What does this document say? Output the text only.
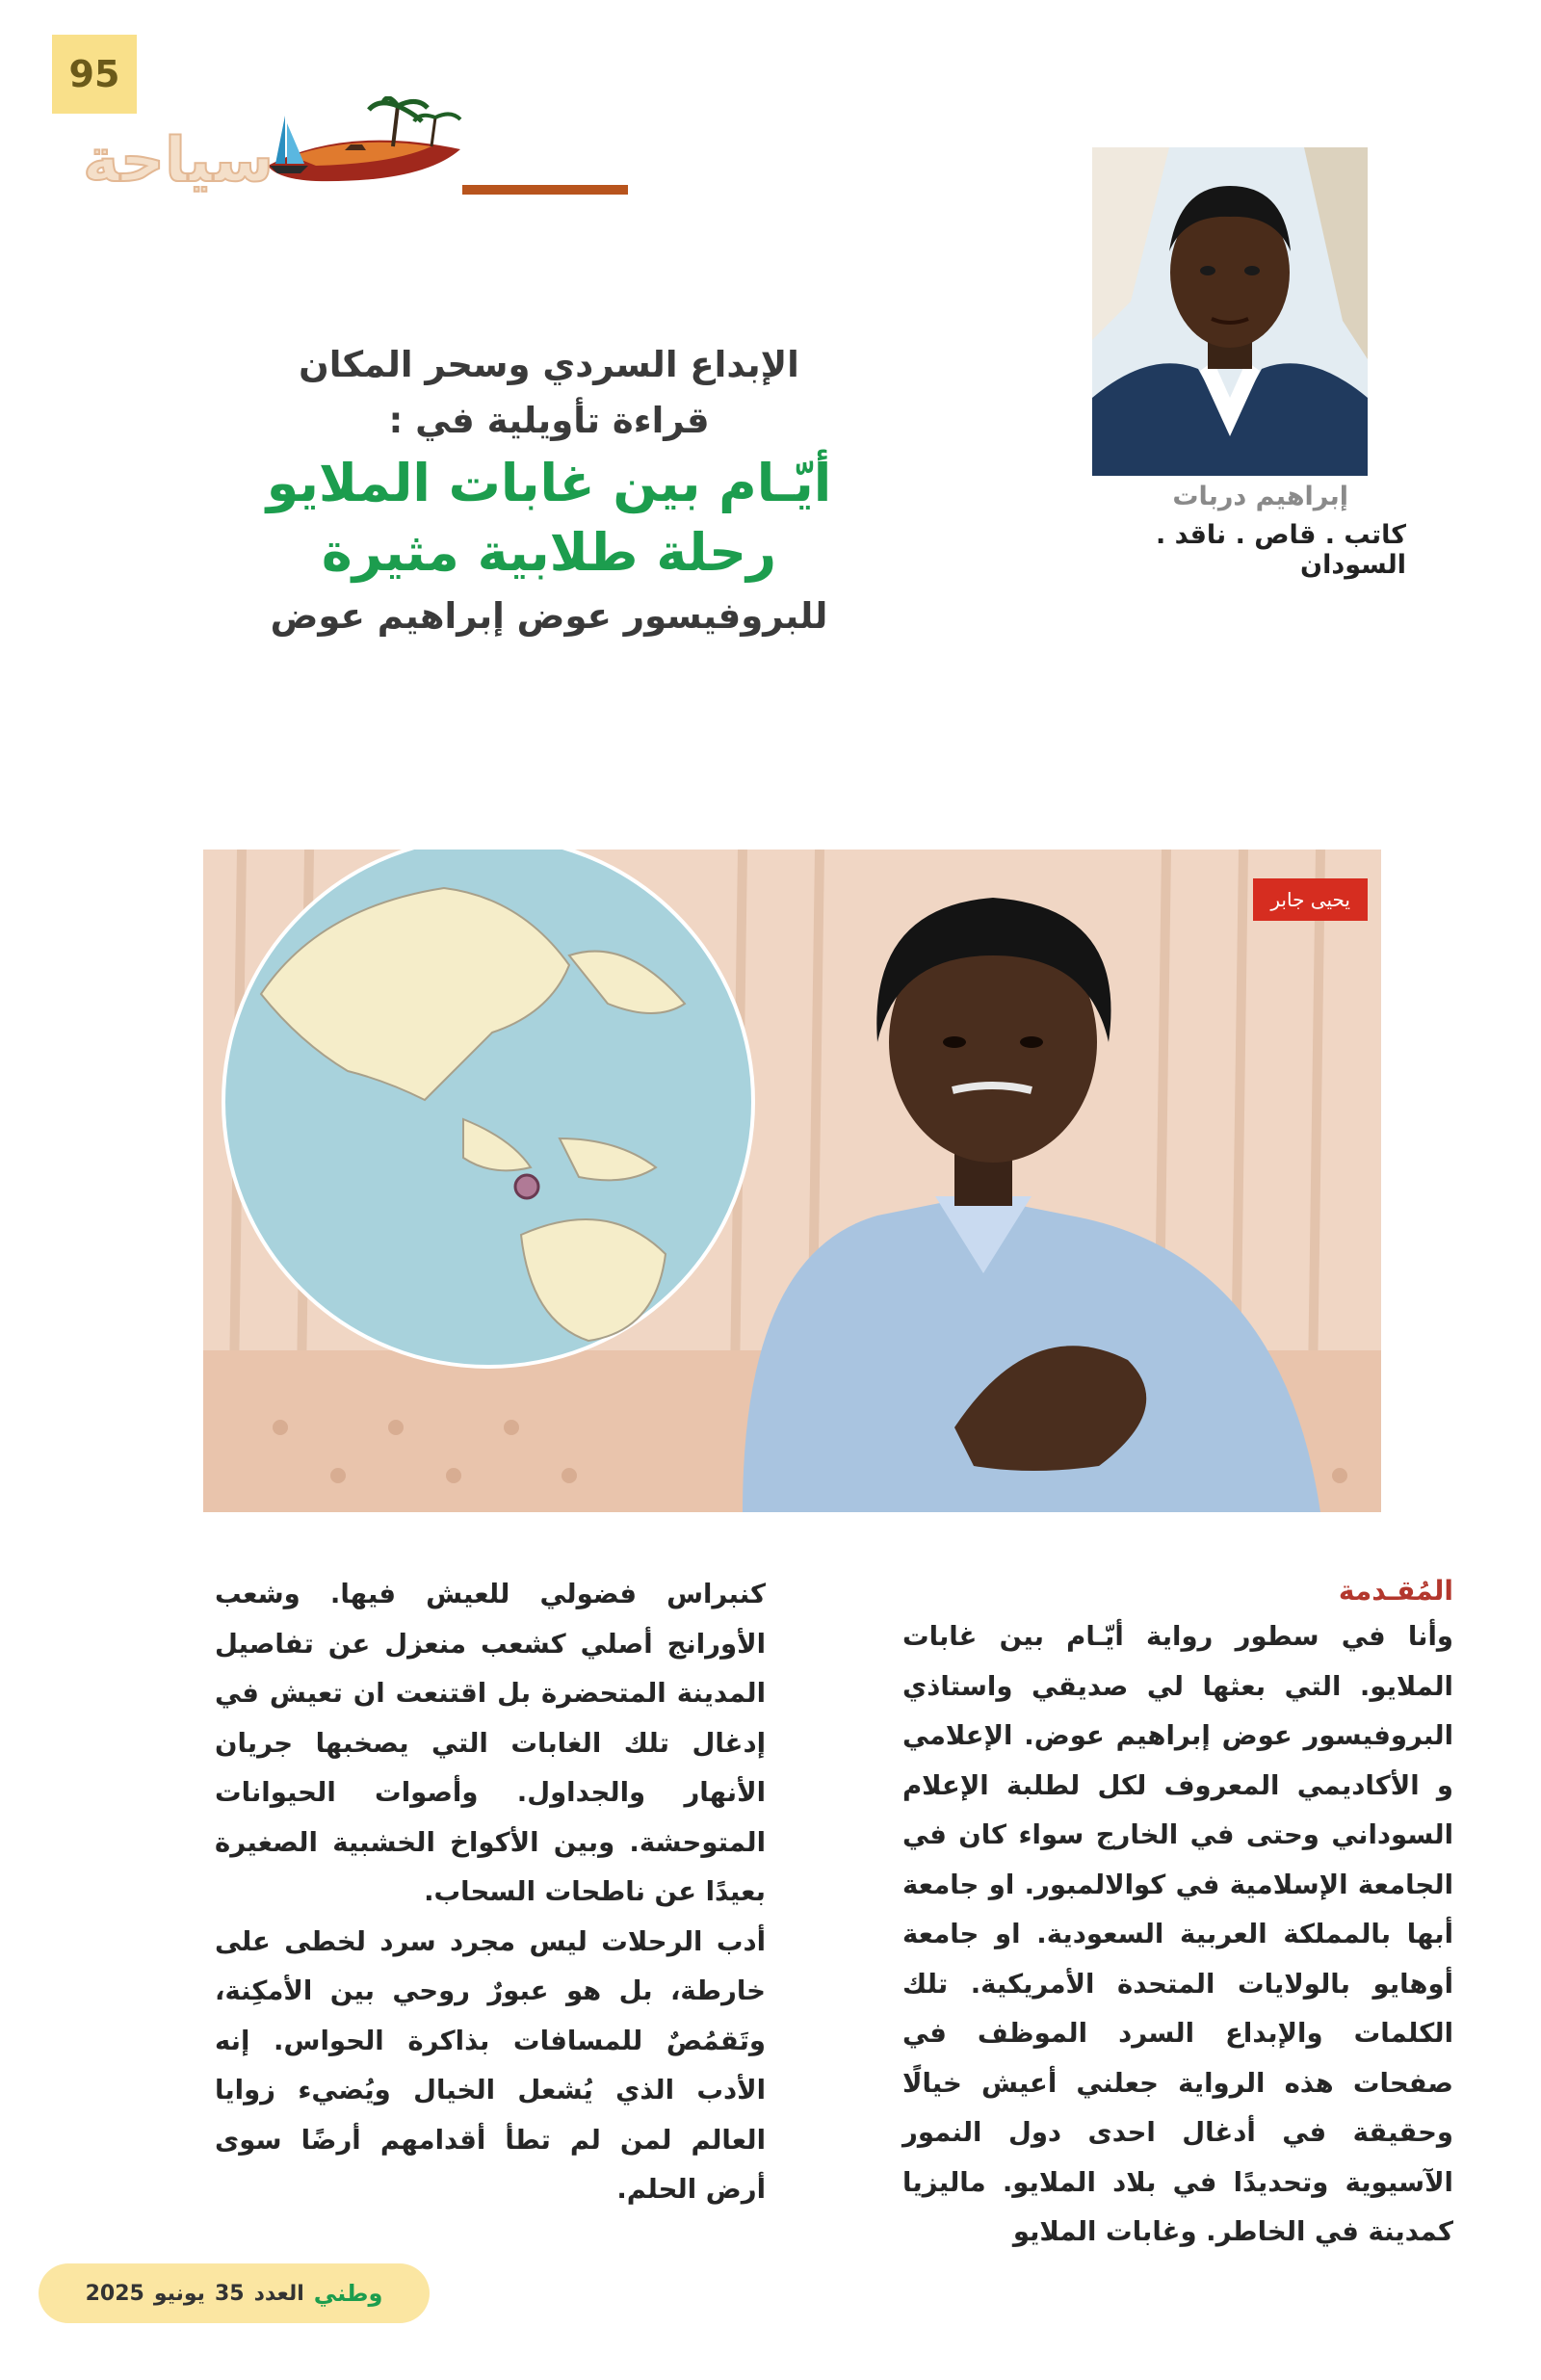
95
سياحة
الإبداع السردي وسحر المكان
قراءة تأويلية في :
أيّـام بين غابات الملايو
رحلة طلابية مثيرة
للبروفيسور عوض إبراهيم عوض
إبراهيم دربات
كاتب . قاص . ناقد . السودان
يحيى جابر
المُقـدمة

وأنا في سطور رواية أيّـام بين غابات الملايو. التي بعثها لي صديقي واستاذي البروفيسور عوض إبراهيم عوض. الإعلامي و الأكاديمي المعروف لكل لطلبة الإعلام السوداني وحتى في الخارج سواء كان في الجامعة الإسلامية في كوالالمبور. او جامعة أبها بالمملكة العربية السعودية. او جامعة أوهايو بالولايات المتحدة الأمريكية. تلك الكلمات والإبداع السرد الموظف في صفحات هذه الرواية جعلني أعيش خيالًا وحقيقة في أدغال احدى دول النمور الآسيوية وتحديدًا في بلاد الملايو. ماليزيا كمدينة في الخاطر. وغابات الملايو

كنبراس فضولي للعيش فيها. وشعب الأورانج أصلي كشعب منعزل عن تفاصيل المدينة المتحضرة بل اقتنعت ان تعيش في إدغال تلك الغابات التي يصخبها جريان الأنهار والجداول. وأصوات الحيوانات المتوحشة. وبين الأكواخ الخشبية الصغيرة بعيدًا عن ناطحات السحاب.

أدب الرحلات ليس مجرد سرد لخطى على خارطة، بل هو عبورٌ روحي بين الأمكِنة، وتَقمُصٌ للمسافات بذاكرة الحواس. إنه الأدب الذي يُشعل الخيال ويُضيء زوايا العالم لمن لم تطأ أقدامهم أرضًا سوى أرض الحلم.

وطني
العدد
35
يونيو
2025
